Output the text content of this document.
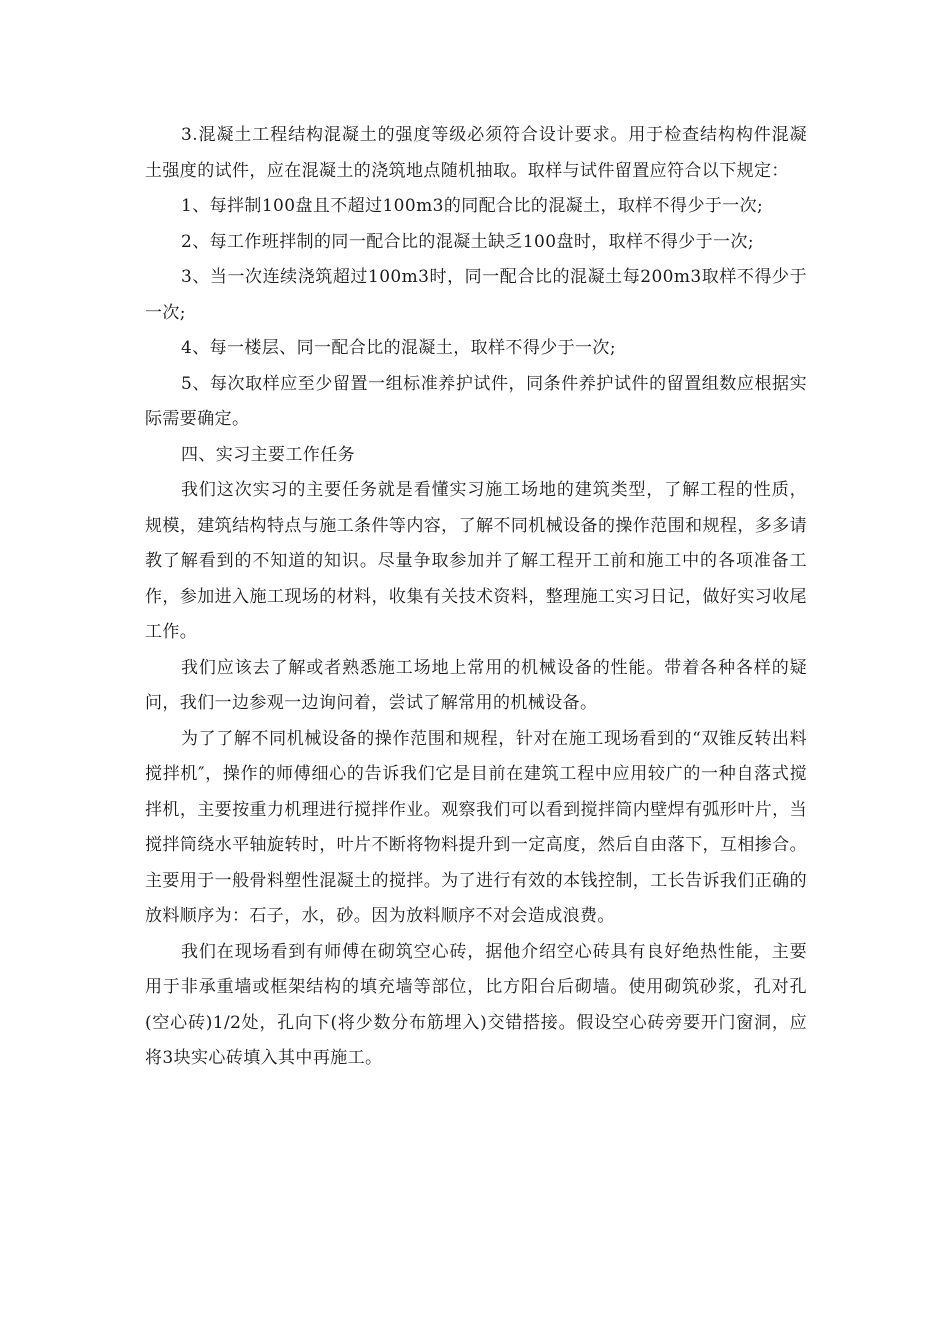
3.混凝土工程结构混凝土的强度等级必须符合设计要求。用于检查结构构件混凝土强度的试件，应在混凝土的浇筑地点随机抽取。取样与试件留置应符合以下规定：

1、每拌制100盘且不超过100m3的同配合比的混凝土，取样不得少于一次;

2、每工作班拌制的同一配合比的混凝土缺乏100盘时，取样不得少于一次;

3、当一次连续浇筑超过100m3时，同一配合比的混凝土每200m3取样不得少于一次;

4、每一楼层、同一配合比的混凝土，取样不得少于一次;

5、每次取样应至少留置一组标准养护试件，同条件养护试件的留置组数应根据实际需要确定。

四、实习主要工作任务

我们这次实习的主要任务就是看懂实习施工场地的建筑类型，了解工程的性质，规模，建筑结构特点与施工条件等内容，了解不同机械设备的操作范围和规程，多多请教了解看到的不知道的知识。尽量争取参加并了解工程开工前和施工中的各项准备工作，参加进入施工现场的材料，收集有关技术资料，整理施工实习日记，做好实习收尾工作。

我们应该去了解或者熟悉施工场地上常用的机械设备的性能。带着各种各样的疑问，我们一边参观一边询问着，尝试了解常用的机械设备。

为了了解不同机械设备的操作范围和规程，针对在施工现场看到的“双锥反转出料搅拌机″，操作的师傅细心的告诉我们它是目前在建筑工程中应用较广的一种自落式搅拌机，主要按重力机理进行搅拌作业。观察我们可以看到搅拌筒内壁焊有弧形叶片，当搅拌筒绕水平轴旋转时，叶片不断将物料提升到一定高度，然后自由落下，互相掺合。主要用于一般骨料塑性混凝土的搅拌。为了进行有效的本钱控制，工长告诉我们正确的放料顺序为：石子，水，砂。因为放料顺序不对会造成浪费。

我们在现场看到有师傅在砌筑空心砖，据他介绍空心砖具有良好绝热性能，主要用于非承重墙或框架结构的填充墙等部位，比方阳台后砌墙。使用砌筑砂浆，孔对孔(空心砖)1/2处，孔向下(将少数分布筋埋入)交错搭接。假设空心砖旁要开门窗洞，应将3块实心砖填入其中再施工。
